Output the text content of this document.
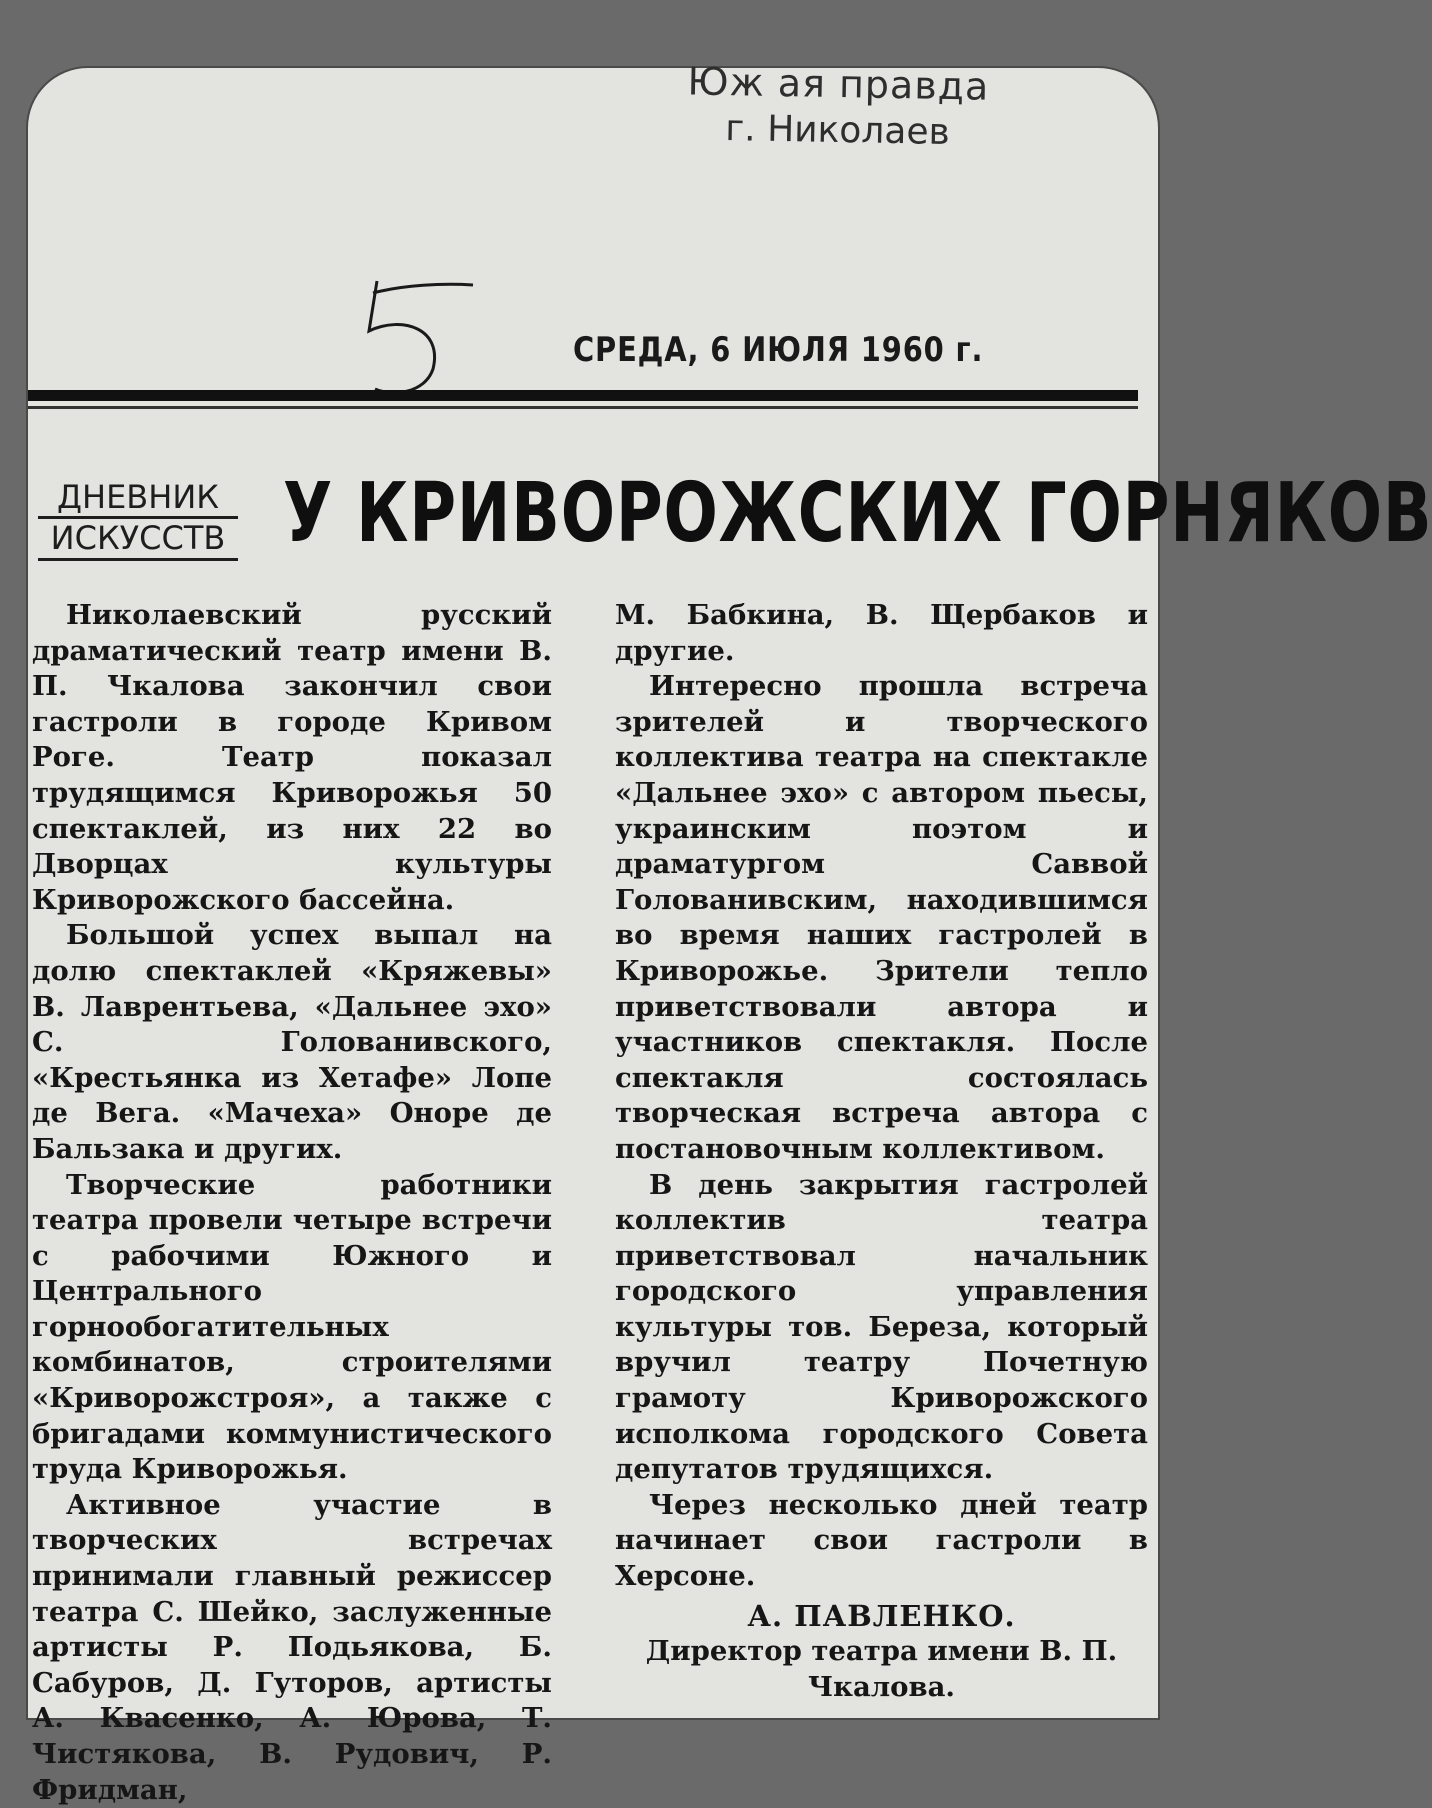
Юж ая правда
г. Николаев
СРЕДА, 6 ИЮЛЯ 1960 г.
ДНЕВНИК
ИСКУССТВ У КРИВОРОЖСКИХ ГОРНЯКОВ

Николаевский русский драматический театр имени В. П. Чкалова закончил свои гастроли в городе Кривом Роге. Театр показал трудящимся Криворожья 50 спектаклей, из них 22 во Дворцах культуры Криворожского бассейна.

Большой успех выпал на долю спектаклей «Кряжевы» В. Лаврентьева, «Дальнее эхо» С. Голованивского, «Крестьянка из Хетафе» Лопе де Вега. «Мачеха» Оноре де Бальзака и других.

Творческие работники театра провели четыре встречи с рабочими Южного и Центрального горнообогатительных комбинатов, строителями «Криворожстроя», а также с бригадами коммунистического труда Криворожья.

Активное участие в творческих встречах принимали главный режиссер театра С. Шейко, заслуженные артисты Р. Подьякова, Б. Сабуров, Д. Гуторов, артисты А. Квасенко, А. Юрова, Т. Чистякова, В. Рудович, Р. Фридман,

М. Бабкина, В. Щербаков и другие.

Интересно прошла встреча зрителей и творческого коллектива театра на спектакле «Дальнее эхо» с автором пьесы, украинским поэтом и драматургом Саввой Голованивским, находившимся во время наших гастролей в Криворожье. Зрители тепло приветствовали автора и участников спектакля. После спектакля состоялась творческая встреча автора с постановочным коллективом.

В день закрытия гастролей коллектив театра приветствовал начальник городского управления культуры тов. Береза, который вручил театру Почетную грамоту Криворожского исполкома городского Совета депутатов трудящихся.

Через несколько дней театр начинает свои гастроли в Херсоне.

А. ПАВЛЕНКО.
Директор театра имени В. П. Чкалова.
